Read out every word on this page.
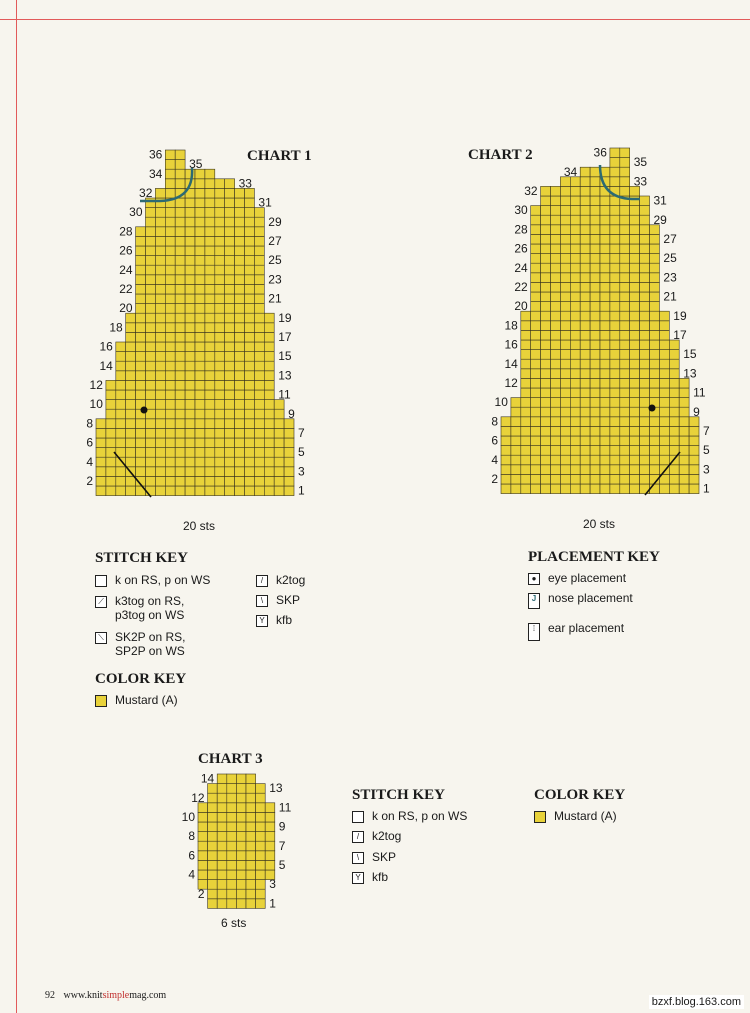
1
2
3
4
5
6
7
8
9
10
11
12
13
14
15
16
17
18
19
20
21
22
23
24
25
26
27
28
29
30
31
32
33
34
35
36
1
2
3
4
5
6
7
8
9
10
11
12
13
14
15
16
17
18
19
20
21
22
23
24
25
26
27
28
29
30
31
32
33
34
35
36
1
2
3
4
5
6
7
8
9
10
11
12
13
14
CHART 1	CHART 2
CHART 3
20 sts	20 sts
6 sts
STITCH KEY
k on RS, p on WS
⟋ k3tog on RS,
p3tog on WS
⟍ SK2P on RS,
SP2P on WS
/	k2tog
\	SKP
Y kfb
COLOR KEY
Mustard (A)
PLACEMENT KEY
● eye placement
J nose placement
⁞	ear placement
STITCH KEY
k on RS, p on WS
/	k2tog
\	SKP
Y kfb
COLOR KEY
Mustard (A)
92 www.knitsimplemag.com
bzxf.blog.163.com
